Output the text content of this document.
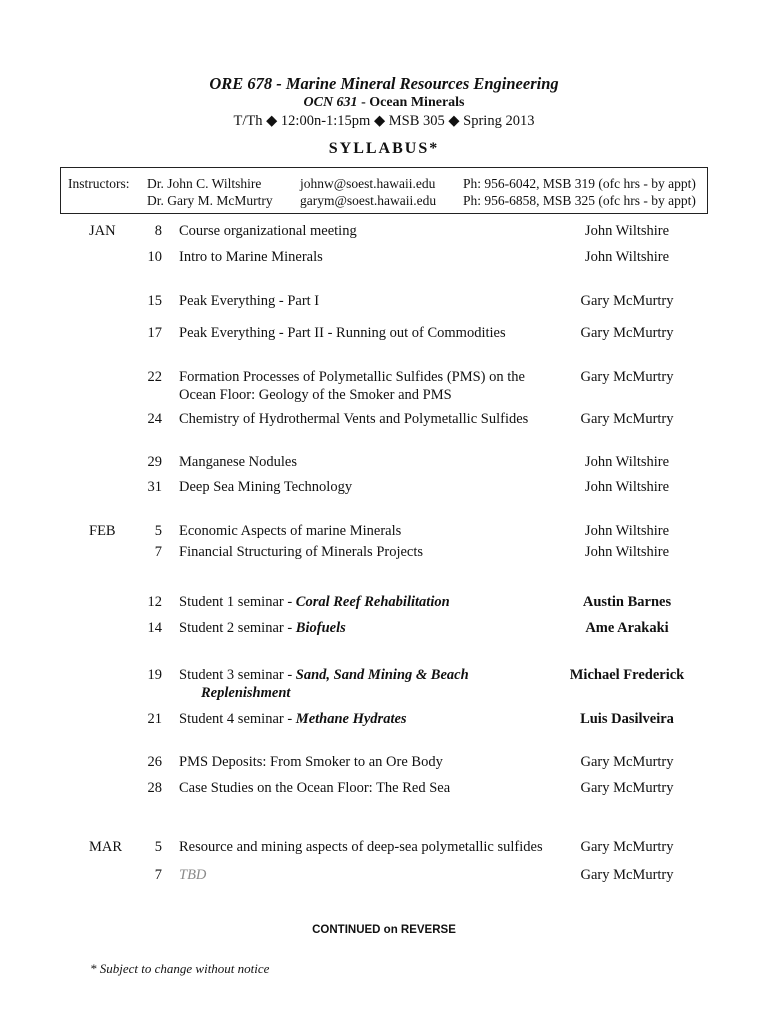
ORE 678 - Marine Mineral Resources Engineering
OCN 631 - Ocean Minerals
T/Th ◆ 12:00n-1:15pm ◆ MSB 305 ◆ Spring 2013
SYLLABUS*
Instructors: Dr. John C. Wiltshire	johnw@soest.hawaii.edu Ph: 956-6042, MSB 319 (ofc hrs - by appt)
Dr. Gary M. McMurtry garym@soest.hawaii.edu Ph: 956-6858, MSB 325 (ofc hrs - by appt)
JAN	8 Course organizational meeting	John Wiltshire
10 Intro to Marine Minerals	John Wiltshire
15 Peak Everything - Part I	Gary McMurtry
17 Peak Everything - Part II - Running out of Commodities	Gary McMurtry
22 Formation Processes of Polymetallic Sulfides (PMS) on the
Ocean Floor: Geology of the Smoker and PMS
Gary McMurtry
24 Chemistry of Hydrothermal Vents and Polymetallic Sulfides	Gary McMurtry
29 Manganese Nodules	John Wiltshire
31 Deep Sea Mining Technology	John Wiltshire
FEB	5 Economic Aspects of marine Minerals	John Wiltshire
7 Financial Structuring of Minerals Projects	John Wiltshire
12 Student 1 seminar - Coral Reef Rehabilitation	Austin Barnes
14 Student 2 seminar - Biofuels	Ame Arakaki
19 Student 3 seminar - Sand, Sand Mining & Beach
Replenishment
Michael Frederick
21 Student 4 seminar - Methane Hydrates	Luis Dasilveira
26 PMS Deposits: From Smoker to an Ore Body	Gary McMurtry
28 Case Studies on the Ocean Floor: The Red Sea	Gary McMurtry
MAR	5 Resource and mining aspects of deep-sea polymetallic sulfides	Gary McMurtry
7 TBD	Gary McMurtry
CONTINUED on REVERSE
* Subject to change without notice
